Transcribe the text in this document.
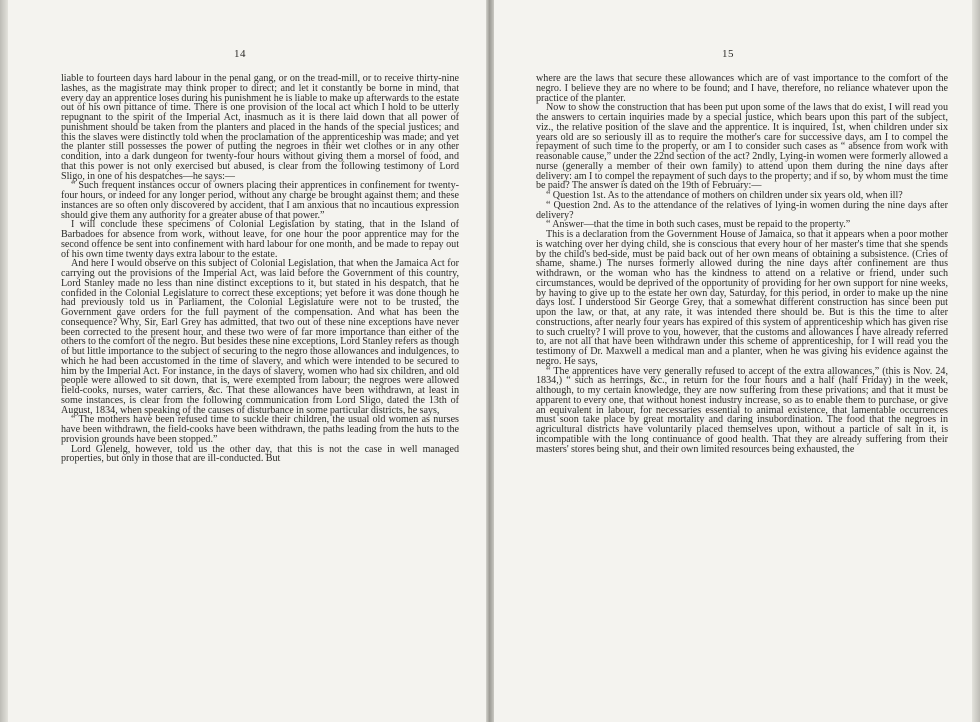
14

liable to fourteen days hard labour in the penal gang, or on the tread-mill, or to receive thirty-nine lashes, as the magistrate may think proper to direct; and let it constantly be borne in mind, that every day an apprentice loses during his punishment he is liable to make up afterwards to the estate out of his own pittance of time. There is one provision of the local act which I hold to be utterly repugnant to the spirit of the Imperial Act, inasmuch as it is there laid down that all power of punishment should be taken from the planters and placed in the hands of the special justices; and this the slaves were distinctly told when the proclamation of the apprenticeship was made; and yet the planter still possesses the power of putting the negroes in their wet clothes or in any other condition, into a dark dungeon for twenty-four hours without giving them a morsel of food, and that this power is not only exercised but abused, is clear from the following testimony of Lord Sligo, in one of his despatches—he says:—

“ Such frequent instances occur of owners placing their apprentices in confinement for twenty-four hours, or indeed for any longer period, without any charge be brought against them; and these instances are so often only discovered by accident, that I am anxious that no incautious expression should give them any authority for a greater abuse of that power.”

I will conclude these specimens of Colonial Legislation by stating, that in the Island of Barbadoes for absence from work, without leave, for one hour the poor apprentice may for the second offence be sent into confinement with hard labour for one month, and be made to repay out of his own time twenty days extra labour to the estate.

And here I would observe on this subject of Colonial Legislation, that when the Jamaica Act for carrying out the provisions of the Imperial Act, was laid before the Government of this country, Lord Stanley made no less than nine distinct exceptions to it, but stated in his despatch, that he confided in the Colonial Legislature to correct these exceptions; yet before it was done though he had previously told us in Parliament, the Colonial Legislature were not to be trusted, the Government gave orders for the full payment of the compensation. And what has been the consequence? Why, Sir, Earl Grey has admitted, that two out of these nine exceptions have never been corrected to the present hour, and these two were of far more importance than either of the others to the comfort of the negro. But besides these nine exceptions, Lord Stanley refers as though of but little importance to the subject of securing to the negro those allowances and indulgences, to which he had been accustomed in the time of slavery, and which were intended to be secured to him by the Imperial Act. For instance, in the days of slavery, women who had six children, and old people were allowed to sit down, that is, were exempted from labour; the negroes were allowed field-cooks, nurses, water carriers, &c. That these allowances have been withdrawn, at least in some instances, is clear from the following communication from Lord Sligo, dated the 13th of August, 1834, when speaking of the causes of disturbance in some particular districts, he says,

“ The mothers have been refused time to suckle their children, the usual old women as nurses have been withdrawn, the field-cooks have been withdrawn, the paths leading from the huts to the provision grounds have been stopped.”

Lord Glenelg, however, told us the other day, that this is not the case in well managed properties, but only in those that are ill-conducted. But

15

where are the laws that secure these allowances which are of vast importance to the comfort of the negro. I believe they are no where to be found; and I have, therefore, no reliance whatever upon the practice of the planter.

Now to show the construction that has been put upon some of the laws that do exist, I will read you the answers to certain inquiries made by a special justice, which bears upon this part of the subject, viz., the relative position of the slave and the apprentice. It is inquired, 1st, when children under six years old are so seriously ill as to require the mother's care for successive days, am I to compel the repayment of such time to the property, or am I to consider such cases as “ absence from work with reasonable cause,” under the 22nd section of the act? 2ndly, Lying-in women were formerly allowed a nurse (generally a member of their own family) to attend upon them during the nine days after delivery: am I to compel the repayment of such days to the property; and if so, by whom must the time be paid? The answer is dated on the 19th of February:—

“ Question 1st. As to the attendance of mothers on children under six years old, when ill?

“ Question 2nd. As to the attendance of the relatives of lying-in women during the nine days after delivery?

“ Answer—that the time in both such cases, must be repaid to the property.”

This is a declaration from the Government House of Jamaica, so that it appears when a poor mother is watching over her dying child, she is conscious that every hour of her master's time that she spends by the child's bed-side, must be paid back out of her own means of obtaining a subsistence. (Cries of shame, shame.) The nurses formerly allowed during the nine days after confinement are thus withdrawn, or the woman who has the kindness to attend on a relative or friend, under such circumstances, would be deprived of the opportunity of providing for her own support for nine weeks, by having to give up to the estate her own day, Saturday, for this period, in order to make up the nine days lost. I understood Sir George Grey, that a somewhat different construction has since been put upon the law, or that, at any rate, it was intended there should be. But is this the time to alter constructions, after nearly four years has expired of this system of apprenticeship which has given rise to such cruelty? I will prove to you, however, that the customs and allowances I have already referred to, are not all that have been withdrawn under this scheme of apprenticeship, for I will read you the testimony of Dr. Maxwell a medical man and a planter, when he was giving his evidence against the negro. He says,

“ The apprentices have very generally refused to accept of the extra allowances,” (this is Nov. 24, 1834,) “ such as herrings, &c., in return for the four hours and a half (half Friday) in the week, although, to my certain knowledge, they are now suffering from these privations; and that it must be apparent to every one, that without honest industry increase, so as to enable them to purchase, or give an equivalent in labour, for necessaries essential to animal existence, that lamentable occurrences must soon take place by great mortality and daring insubordination. The food that the negroes in agricultural districts have voluntarily placed themselves upon, without a particle of salt in it, is incompatible with the long continuance of good health. That they are already suffering from their masters' stores being shut, and their own limited resources being exhausted, the
